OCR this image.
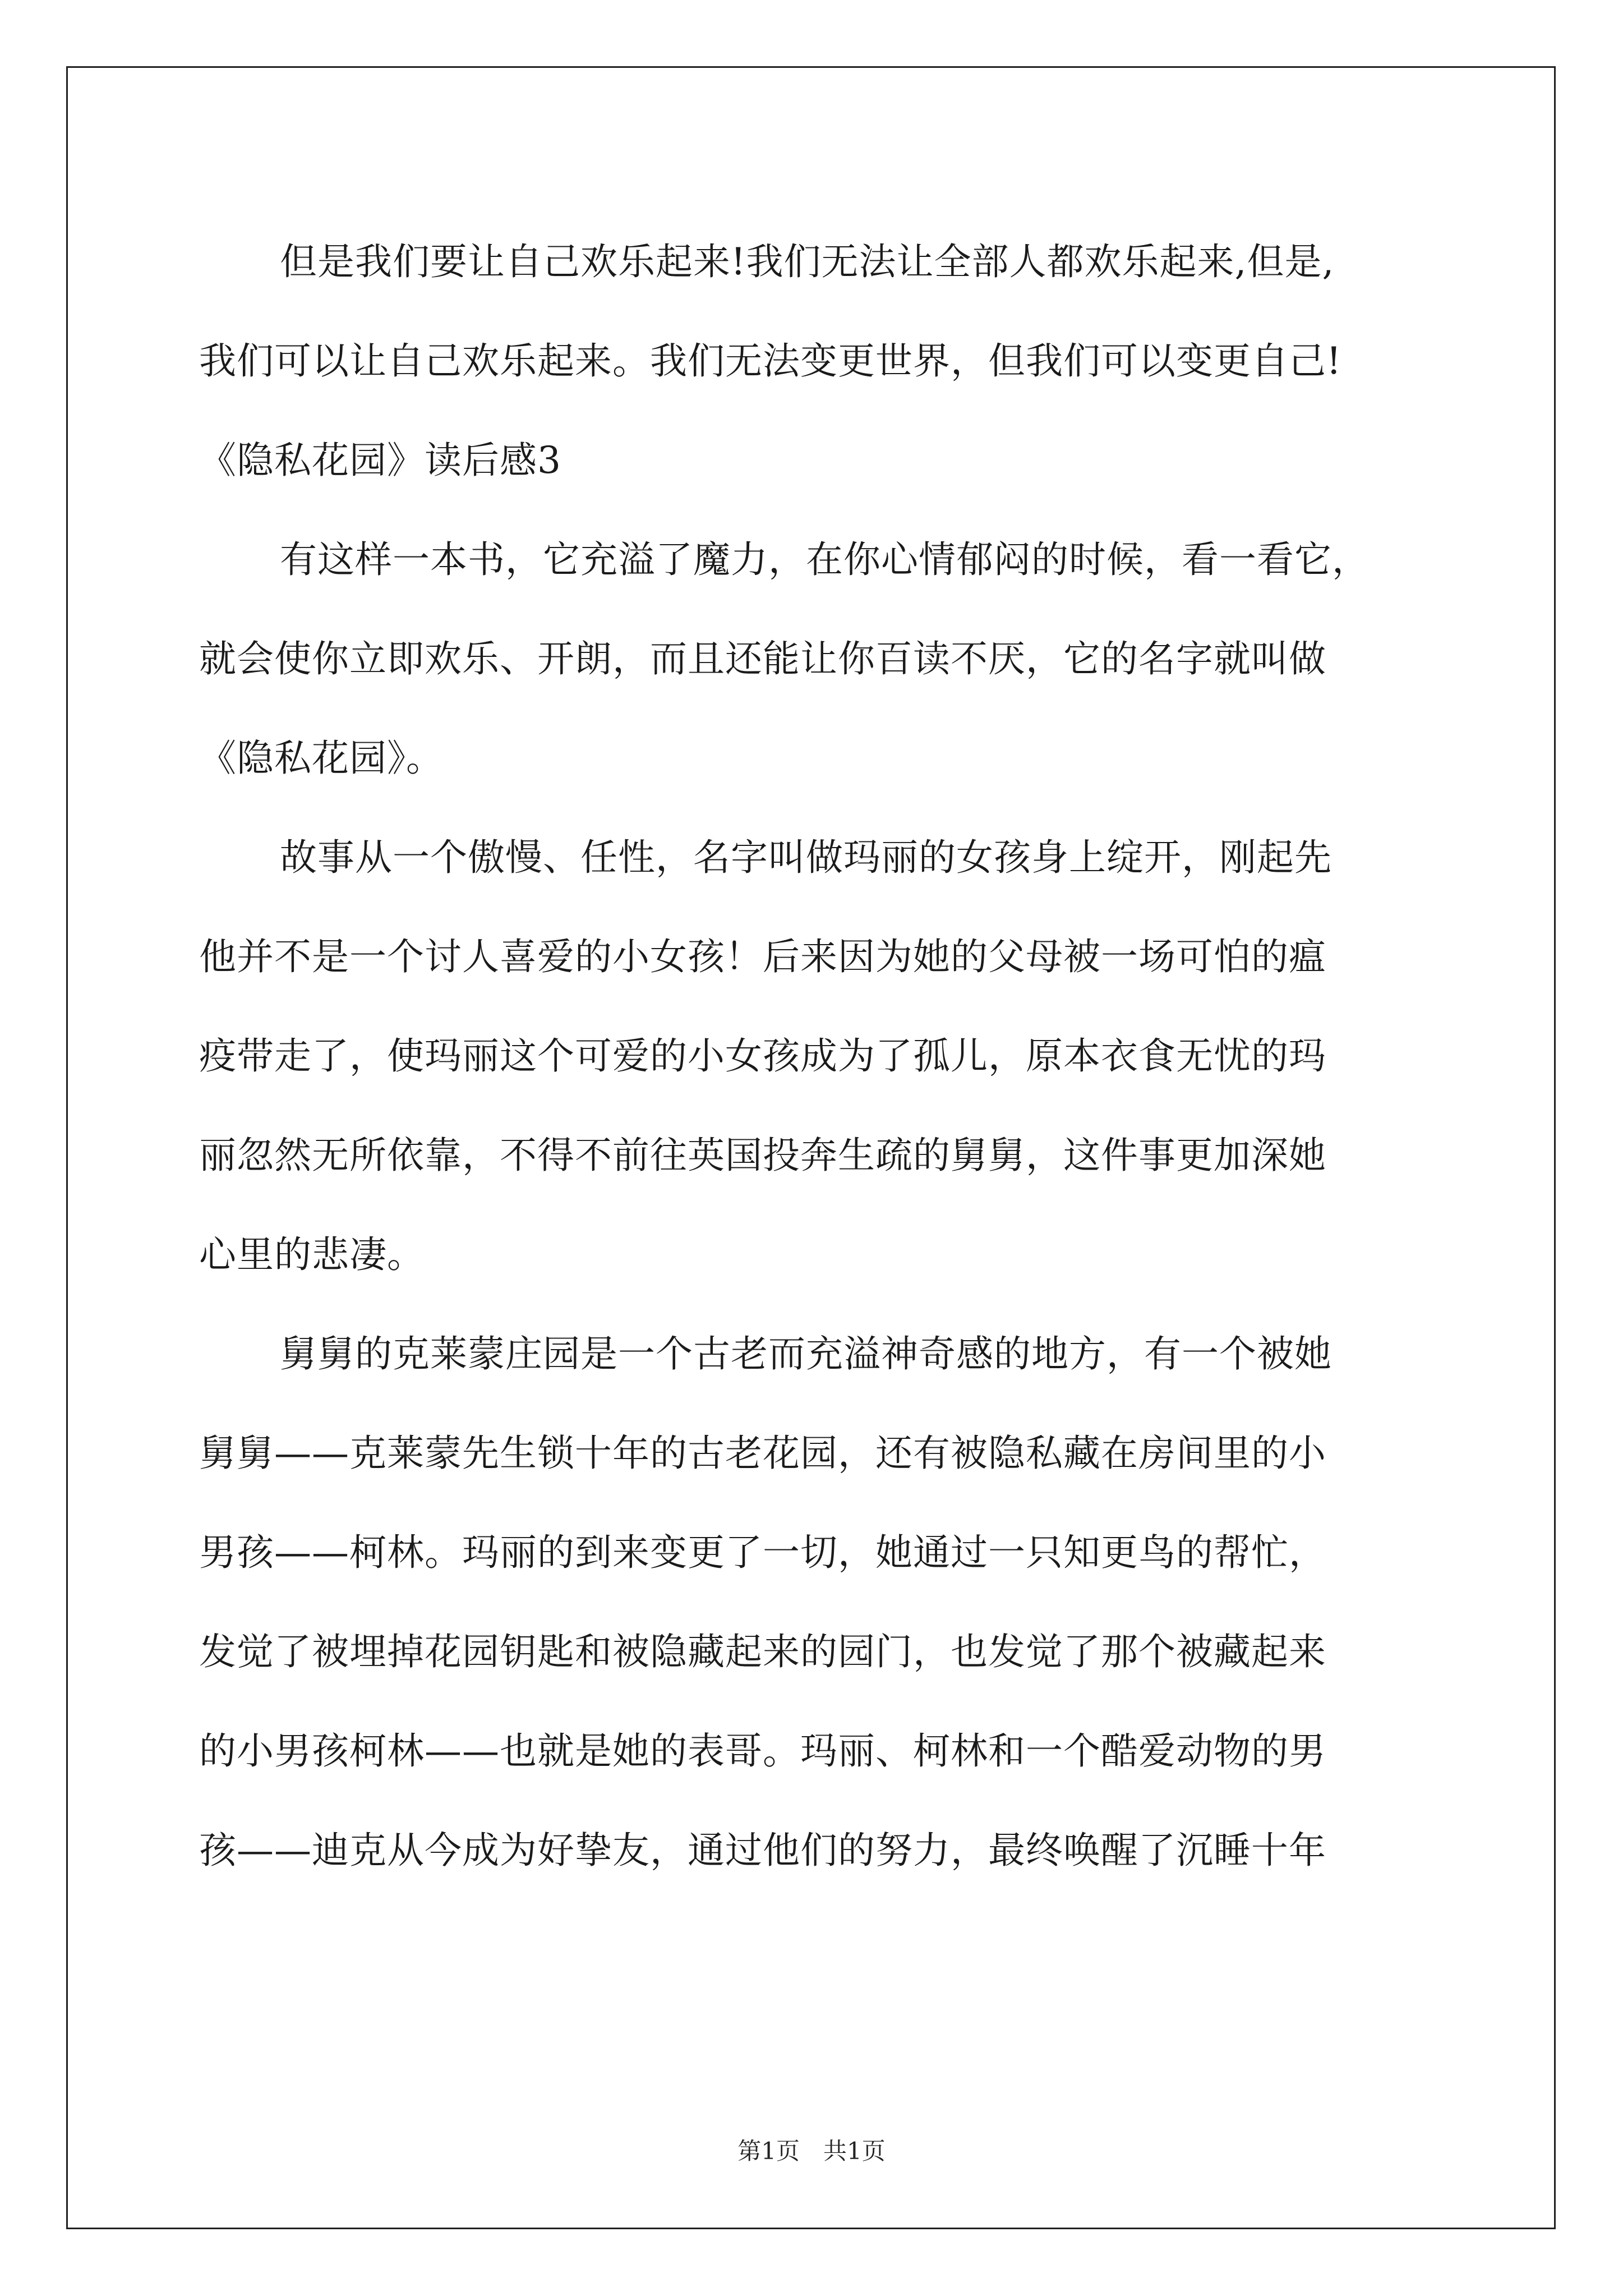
但是我们要让自己欢乐起来!我们无法让全部人都欢乐起来,但是,
我们可以让自己欢乐起来。我们无法变更世界，但我们可以变更自己!
《隐私花园》读后感3
有这样一本书，它充溢了魔力，在你心情郁闷的时候，看一看它，
就会使你立即欢乐、开朗，而且还能让你百读不厌，它的名字就叫做
《隐私花园》。
故事从一个傲慢、任性，名字叫做玛丽的女孩身上绽开，刚起先
他并不是一个讨人喜爱的小女孩！后来因为她的父母被一场可怕的瘟
疫带走了，使玛丽这个可爱的小女孩成为了孤儿，原本衣食无忧的玛
丽忽然无所依靠，不得不前往英国投奔生疏的舅舅，这件事更加深她
心里的悲凄。
舅舅的克莱蒙庄园是一个古老而充溢神奇感的地方，有一个被她
舅舅——克莱蒙先生锁十年的古老花园，还有被隐私藏在房间里的小
男孩——柯林。玛丽的到来变更了一切，她通过一只知更鸟的帮忙，
发觉了被埋掉花园钥匙和被隐藏起来的园门，也发觉了那个被藏起来
的小男孩柯林——也就是她的表哥。玛丽、柯林和一个酷爱动物的男
孩——迪克从今成为好挚友，通过他们的努力，最终唤醒了沉睡十年
第1页 共1页
